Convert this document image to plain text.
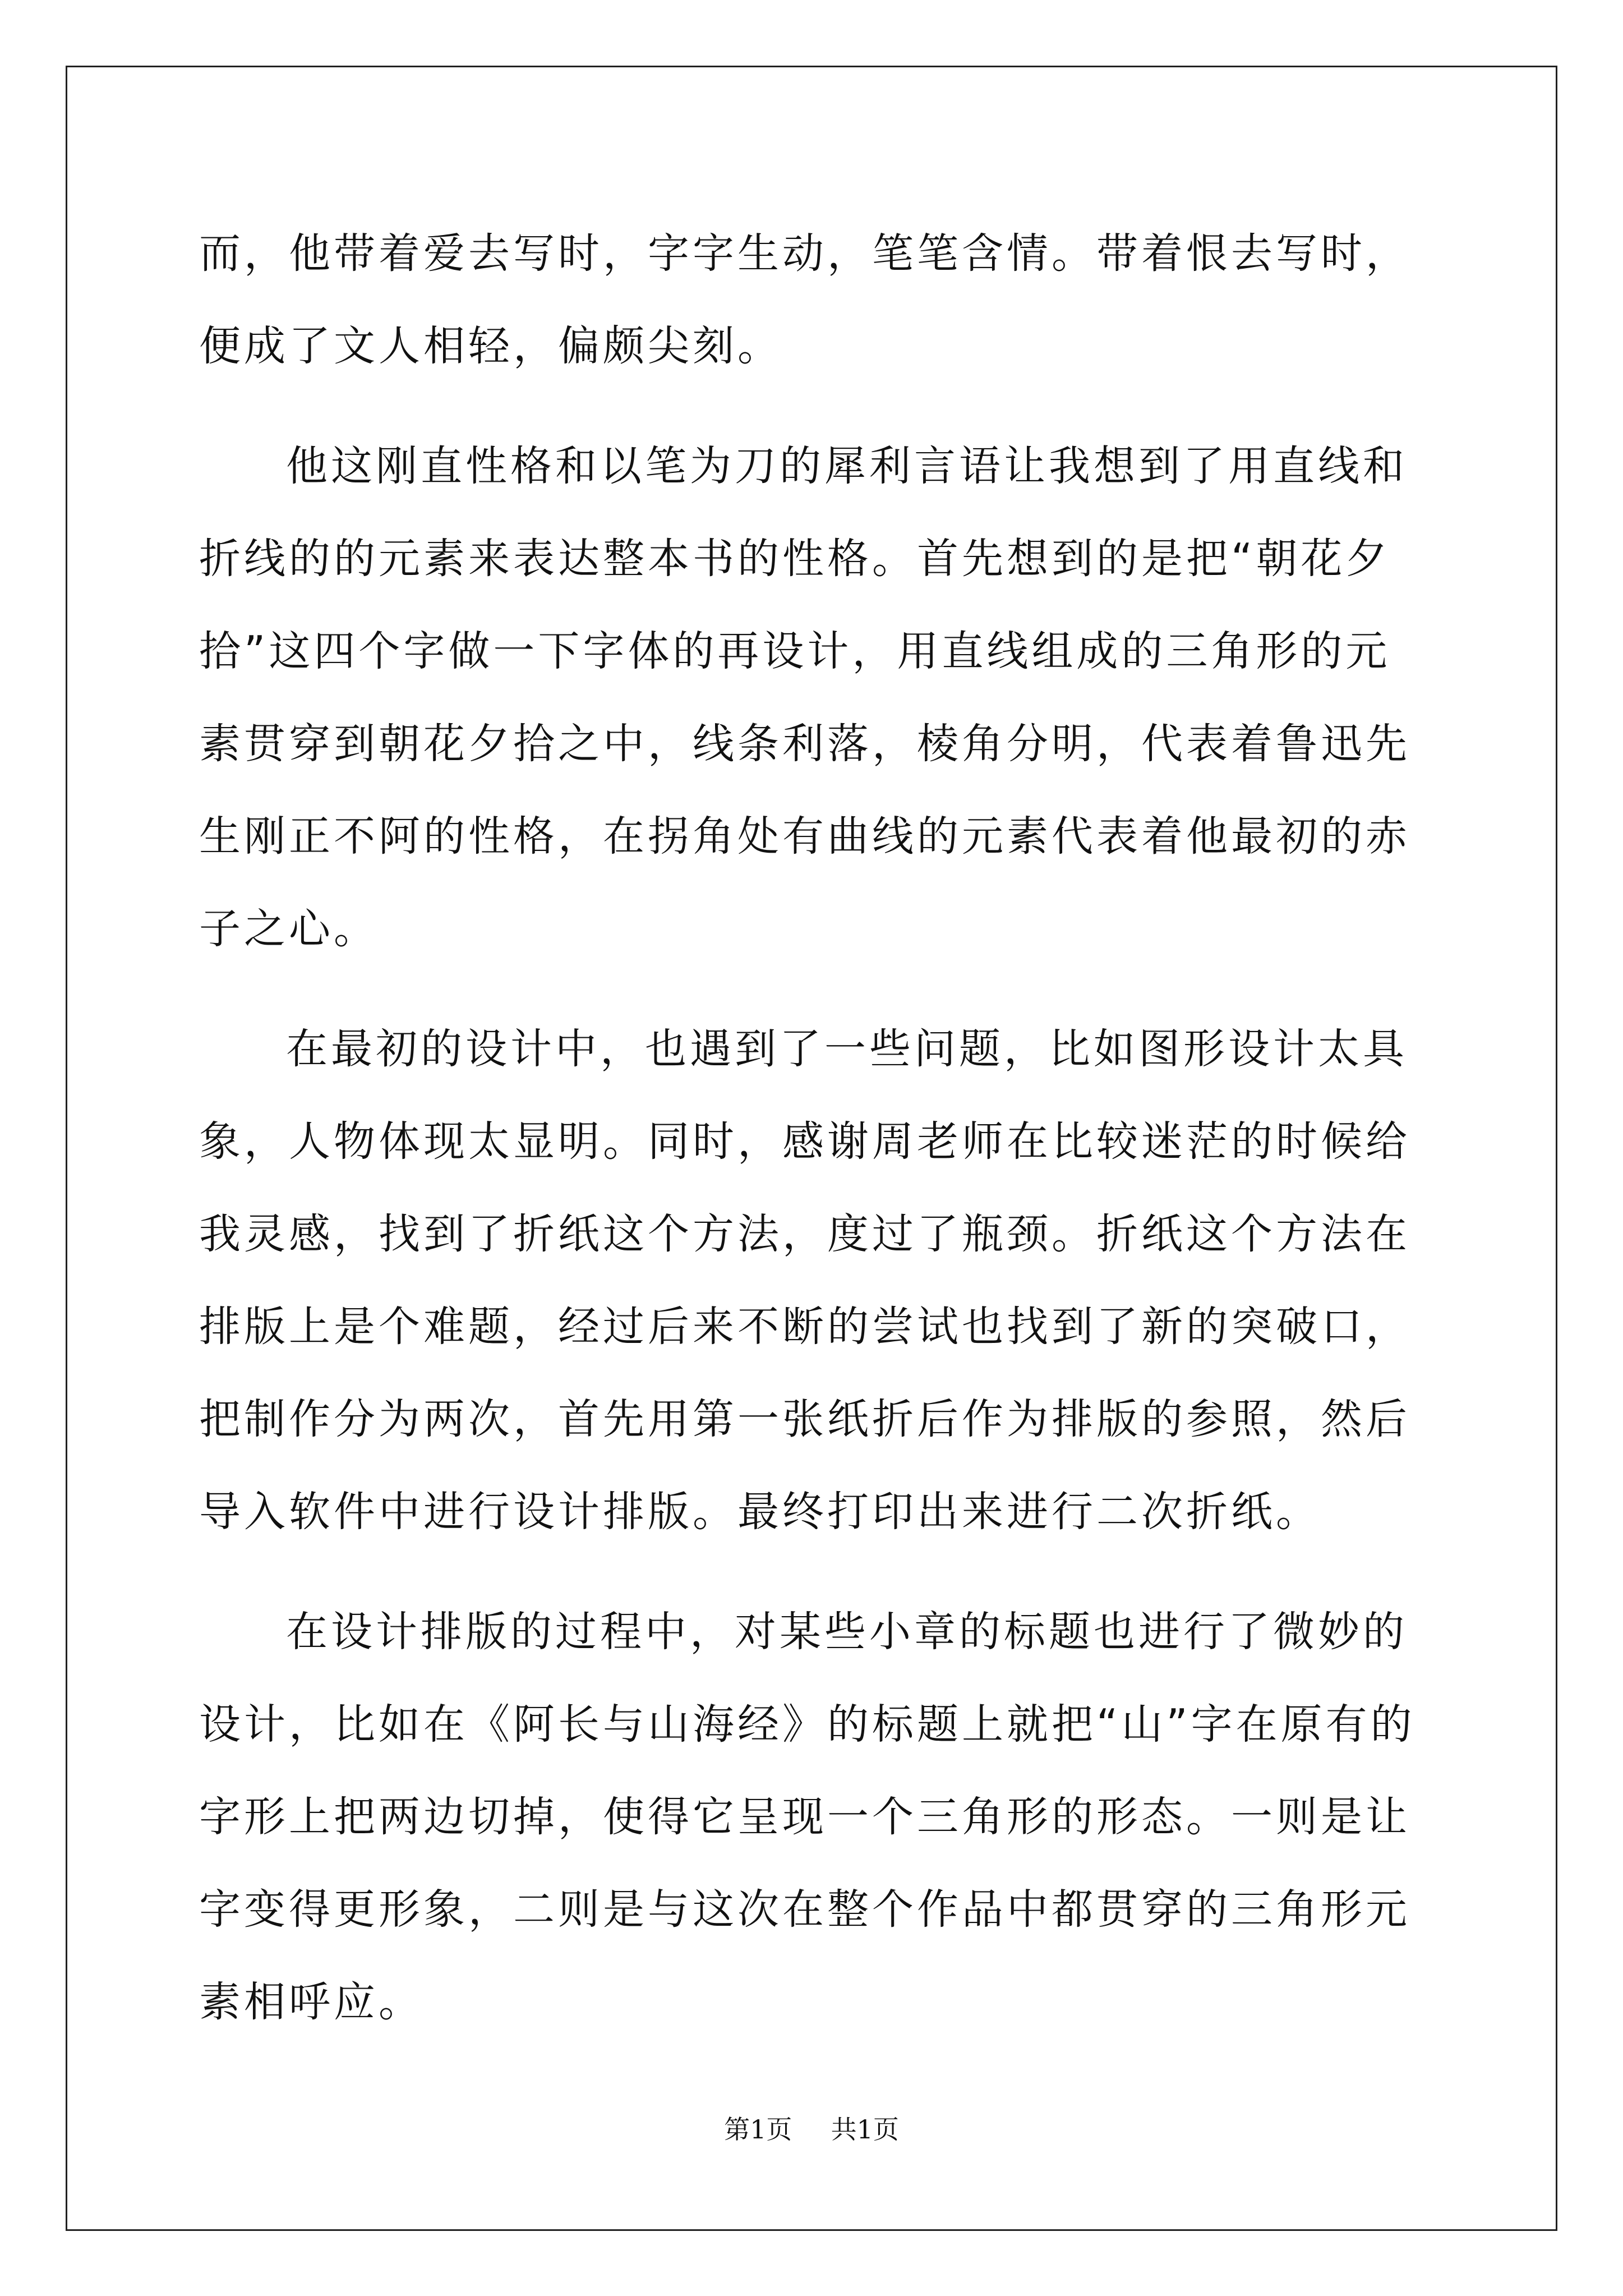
而，他带着爱去写时，字字生动，笔笔含情。带着恨去写时，便成了文人相轻，偏颇尖刻。

他这刚直性格和以笔为刀的犀利言语让我想到了用直线和折线的的元素来表达整本书的性格。首先想到的是把“朝花夕拾”这四个字做一下字体的再设计，用直线组成的三角形的元素贯穿到朝花夕拾之中，线条利落，棱角分明，代表着鲁迅先生刚正不阿的性格，在拐角处有曲线的元素代表着他最初的赤子之心。

在最初的设计中，也遇到了一些问题，比如图形设计太具象，人物体现太显明。同时，感谢周老师在比较迷茫的时候给我灵感，找到了折纸这个方法，度过了瓶颈。折纸这个方法在排版上是个难题，经过后来不断的尝试也找到了新的突破口，把制作分为两次，首先用第一张纸折后作为排版的参照，然后导入软件中进行设计排版。最终打印出来进行二次折纸。

在设计排版的过程中，对某些小章的标题也进行了微妙的设计，比如在《阿长与山海经》的标题上就把“山”字在原有的字形上把两边切掉，使得它呈现一个三角形的形态。一则是让字变得更形象，二则是与这次在整个作品中都贯穿的三角形元素相呼应。

第1页 共1页
